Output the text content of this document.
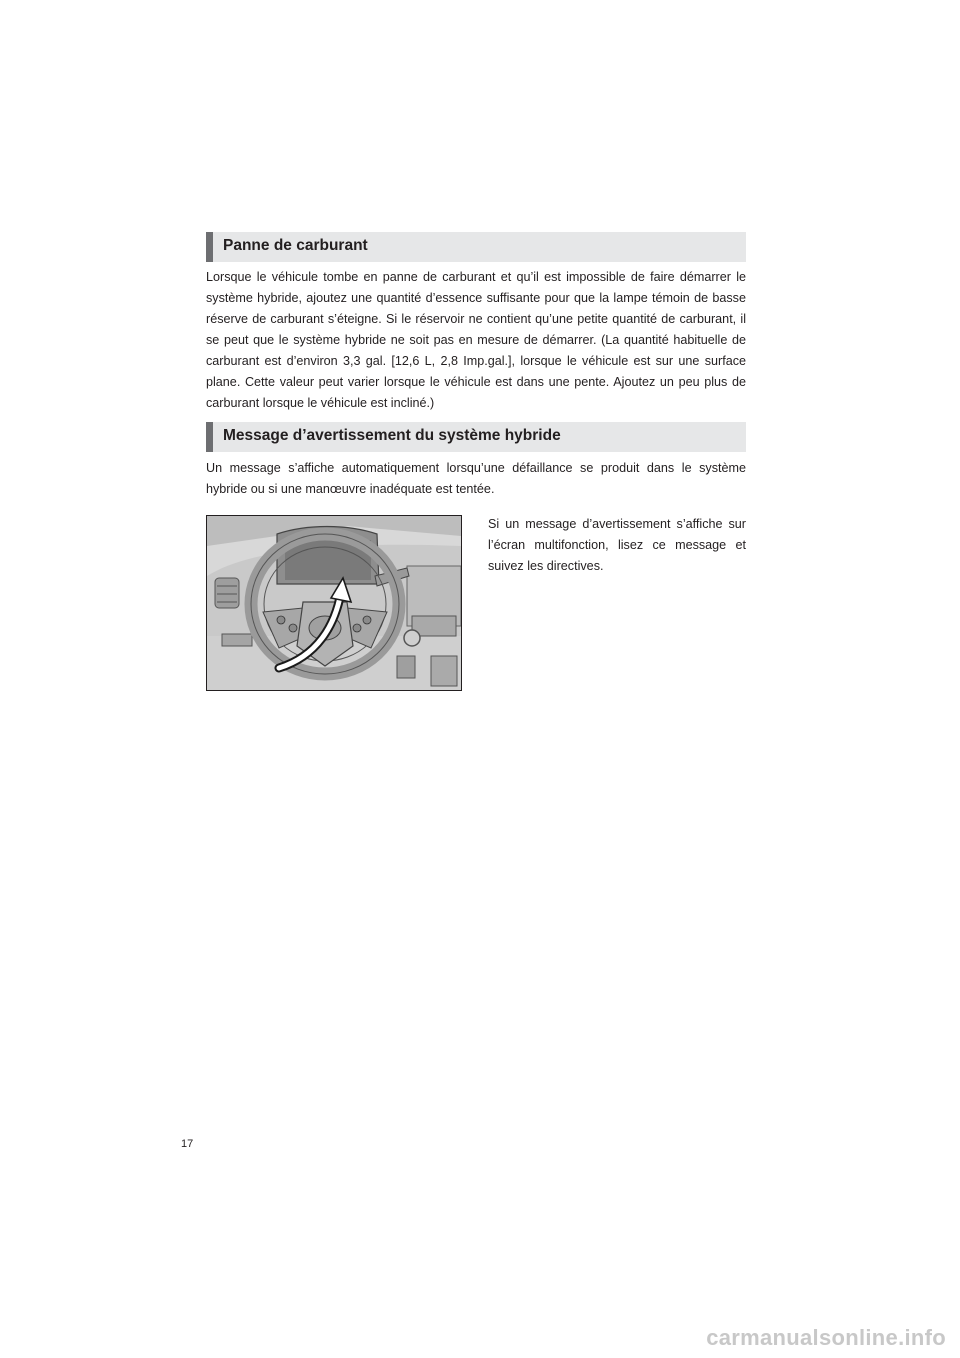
Panne de carburant

Lorsque le véhicule tombe en panne de carburant et qu’il est impossible de faire démarrer le système hybride, ajoutez une quantité d’essence suffisante pour que la lampe témoin de basse réserve de carburant s’éteigne. Si le réservoir ne contient qu’une petite quantité de carburant, il se peut que le système hybride ne soit pas en mesure de démarrer. (La quantité habituelle de carburant est d’environ 3,3 gal. [12,6 L, 2,8 Imp.gal.], lorsque le véhicule est sur une surface plane. Cette valeur peut varier lorsque le véhicule est dans une pente. Ajoutez un peu plus de carburant lorsque le véhicule est incliné.)

Message d’avertissement du système hybride

Un message s’affiche automatiquement lorsqu’une défaillance se produit dans le système hybride ou si une manœuvre inadéquate est tentée.

Si un message d’avertissement s’affiche sur l’écran multifonction, lisez ce message et suivez les directives.

17
carmanualsonline.info
